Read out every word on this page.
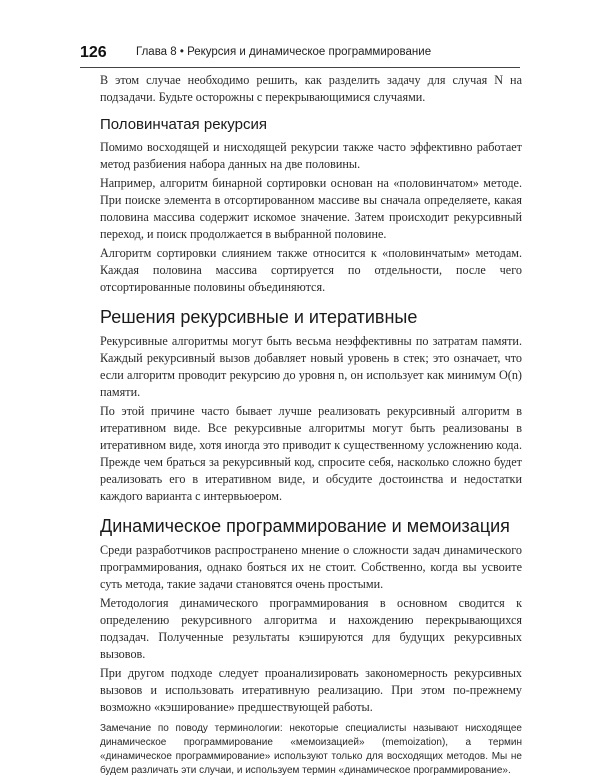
126	Глава 8 • Рекурсия и динамическое программирование

В этом случае необходимо решить, как разделить задачу для случая N на подзадачи. Будьте осторожны с перекрывающимися случаями.

Половинчатая рекурсия

Помимо восходящей и нисходящей рекурсии также часто эффективно работает метод разбиения набора данных на две половины.

Например, алгоритм бинарной сортировки основан на «половинчатом» методе. При поиске элемента в отсортированном массиве вы сначала определяете, какая половина массива содержит искомое значение. Затем происходит рекурсивный переход, и поиск продолжается в выбранной половине.

Алгоритм сортировки слиянием также относится к «половинчатым» методам. Каждая половина массива сортируется по отдельности, после чего отсортированные половины объединяются.

Решения рекурсивные и итеративные

Рекурсивные алгоритмы могут быть весьма неэффективны по затратам памяти. Каждый рекурсивный вызов добавляет новый уровень в стек; это означает, что если алгоритм проводит рекурсию до уровня n, он использует как минимум O(n) памяти.

По этой причине часто бывает лучше реализовать рекурсивный алгоритм в итеративном виде. Все рекурсивные алгоритмы могут быть реализованы в итеративном виде, хотя иногда это приводит к существенному усложнению кода. Прежде чем браться за рекурсивный код, спросите себя, насколько сложно будет реализовать его в итеративном виде, и обсудите достоинства и недостатки каждого варианта с интервьюером.

Динамическое программирование и мемоизация

Среди разработчиков распространено мнение о сложности задач динамического программирования, однако бояться их не стоит. Собственно, когда вы усвоите суть метода, такие задачи становятся очень простыми.

Методология динамического программирования в основном сводится к определению рекурсивного алгоритма и нахождению перекрывающихся подзадач. Полученные результаты кэшируются для будущих рекурсивных вызовов.

При другом подходе следует проанализировать закономерность рекурсивных вызовов и использовать итеративную реализацию. При этом по-прежнему возможно «кэширование» предшествующей работы.

Замечание по поводу терминологии: некоторые специалисты называют нисходящее динамическое программирование «мемоизацией» (memoization), а термин «динамическое программирование» используют только для восходящих методов. Мы не будем различать эти случаи, и используем термин «динамическое программирование».
